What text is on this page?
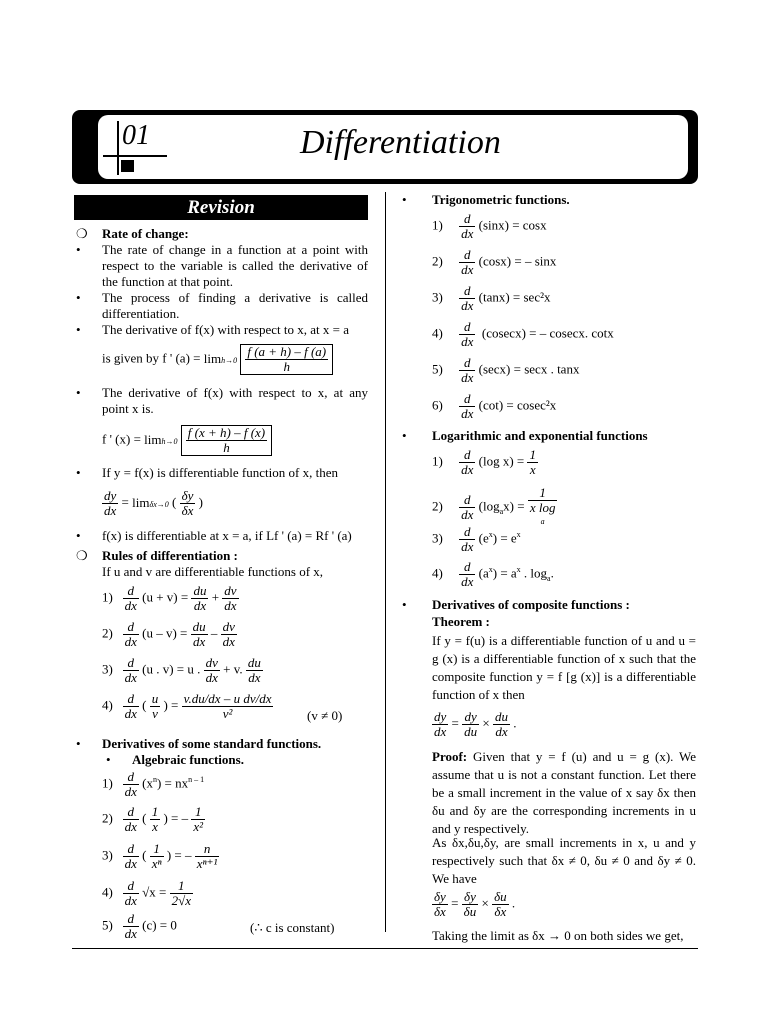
01	Differentiation
Revision
❍ Rate of change:
• The rate of change in a function at a point with respect to the variable is called the derivative of the function at that point.
• The process of finding a derivative is called differentiation.
• The derivative of f(x) with respect to x, at x = a
is given by f ' $(a) = \lim h\to 0 \frac{f (a + h) - f (a)}{h}$
• The derivative of f(x) with respect to x, at any point x is.
f ' $(x) = \lim h\to 0 \frac{f (x + h) - f (x)}{h}$
• If y = f(x) is differentiable function of x, then
$\frac{dy}{dx} = \lim\delta x\to 0$ ( $\frac{\delta y}{\delta x}$ )
• f(x) is differentiable at x = a, if Lf ' (a) = Rf ' (a)
❍ Rules of differentiation :
If u and v are differentiable functions of x,
$1) \frac{d}{dx} (u + v) = \frac{du}{dx} + \frac{dv}{dx}$
$2) \frac{d}{dx} (u - v) = \frac{du}{dx} - \frac{dv}{dx}$
$3) \frac{d}{dx} (u$ . v) = u . $\frac{dv}{dx} + v$. $\frac{du}{dx}$
$4) \frac{d}{dx}$ ( $\frac{u}{v}$ ) = $\frac{\text{v.du/dx – u dv/dx}}{\text{v²}}$	(v ≠ 0)
• Derivatives of some standard functions.
• Algebraic functions.
$1) \frac{d}{dx} (x^n) = nx^{n - 1}$
$2) \frac{d}{dx}$ ( $\frac{1}{x}$ ) = – $\frac{1}{\text{x²}}$
$3) \frac{d}{dx}$ ( $\frac{1}{\text{xⁿ}}$ ) = – $\frac{n}{\text{xⁿ⁺¹}}$
$4) \frac{d}{dx} √x = \frac{1}{2√x}$
$5) \frac{d}{dx} (c) = 0$	(∴ c is constant)
• Trigonometric functions.
$1) \frac{d}{dx} (\sin x) = \cos x$
$2) \frac{d}{dx} (\cos x)$ = – sinx
$3) \frac{d}{dx} (\tan x) = \sec^2x$
$4) \frac{d}{dx} (cosecx)$ = – cosecx. cotx
$5) \frac{d}{dx} (\sec x) = \sec x$ . tanx
$6) \frac{d}{dx} (\cot) = cosec^2x$
• Logarithmic and exponential functions
$1) \frac{d}{dx} (\log$ $x) = \frac{1}{x}$
$2) \frac{d}{dx} (\log_ax) = 1$
x log
a
$3) \frac{d}{dx} (e^x) = e^x$
$4) \frac{d}{dx} (a^x) = a^x$ . $\log_a$.
• Derivatives of composite functions :
Theorem :
If y = f(u) is a differentiable function of u and u = g (x) is a differentiable function of x such that the composite function y = f [g (x)] is a differentiable function of x then
$\frac{dy}{dx} = \frac{dy}{du} \times \frac{du}{dx}$ .
Proof: Given that y = f (u) and u = g (x). We assume that u is not a constant function. Let there be a small increment in the value of x say δx then δu and δy are the corresponding increments in u and y respectively.
As δx,δu,δy, are small increments in x, u and y respectively such that δx ≠ 0, δu ≠ 0 and δy ≠ 0. We have
$\frac{\delta y}{\delta x} = \frac{\delta y}{\delta u} \times \frac{\delta u}{\delta x}$ .
Taking the limit as δx → 0 on both sides we get,
